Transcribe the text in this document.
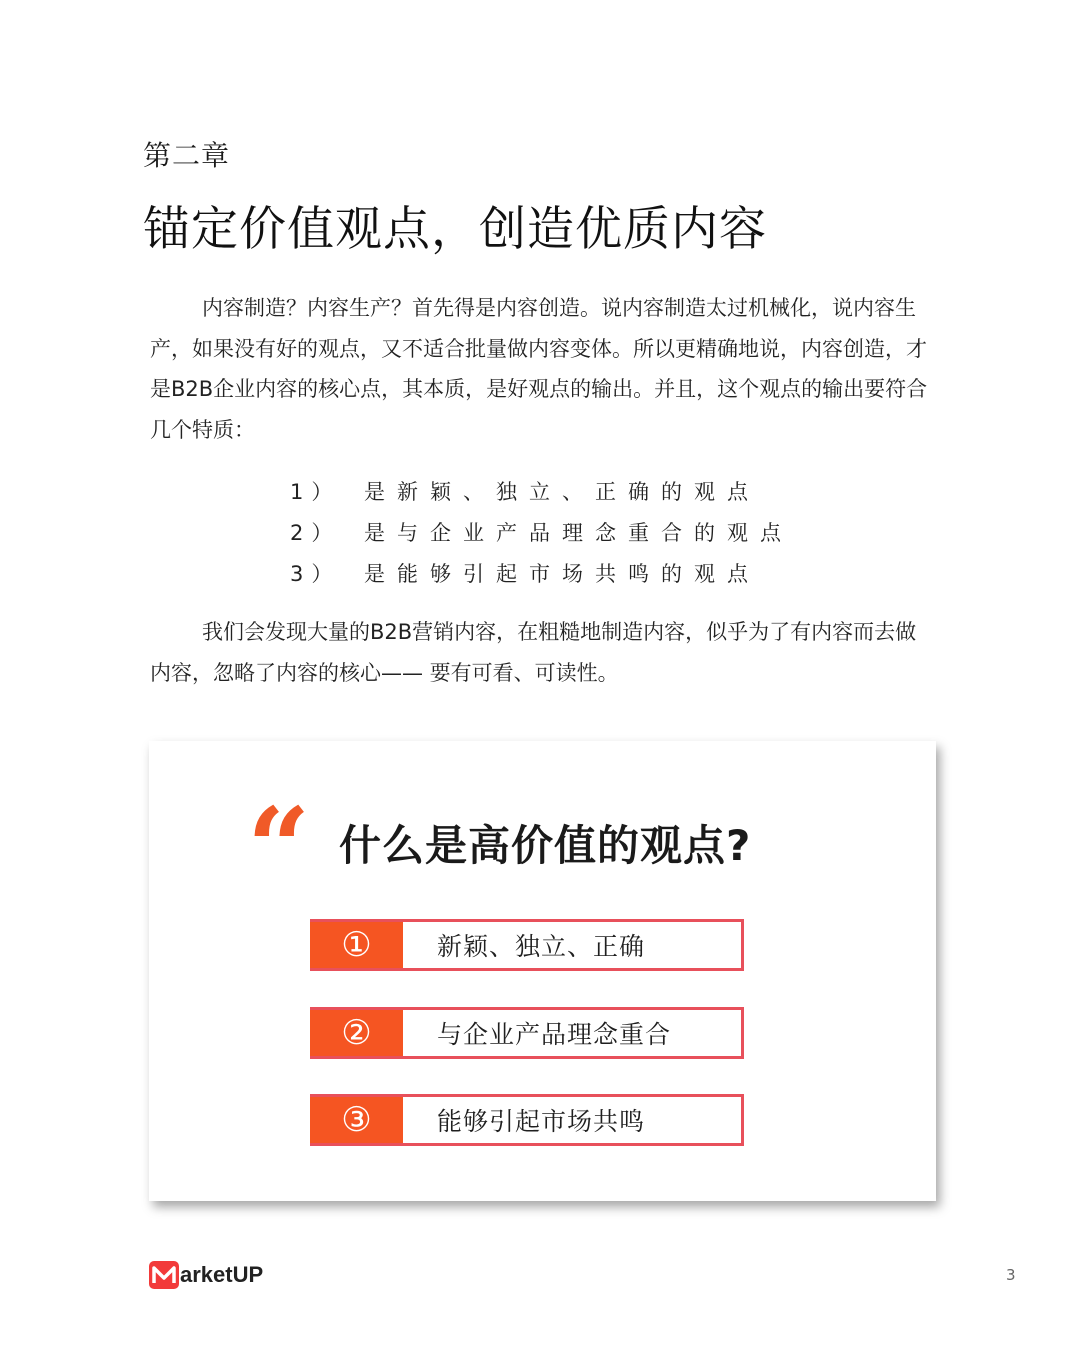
第二章
锚定价值观点，创造优质内容

内容制造？内容生产？首先得是内容创造。说内容制造太过机械化，说内容生产，如果没有好的观点，又不适合批量做内容变体。所以更精确地说，内容创造，才是B2B企业内容的核心点，其本质，是好观点的输出。并且，这个观点的输出要符合几个特质：

1） 是新颖、独立、正确的观点
2） 是与企业产品理念重合的观点
3） 是能够引起市场共鸣的观点

我们会发现大量的B2B营销内容，在粗糙地制造内容，似乎为了有内容而去做内容，忽略了内容的核心—— 要有可看、可读性。

“ 什么是高价值的观点?
①	新颖、独立、正确
②	与企业产品理念重合
③	能够引起市场共鸣
arketUP	3
